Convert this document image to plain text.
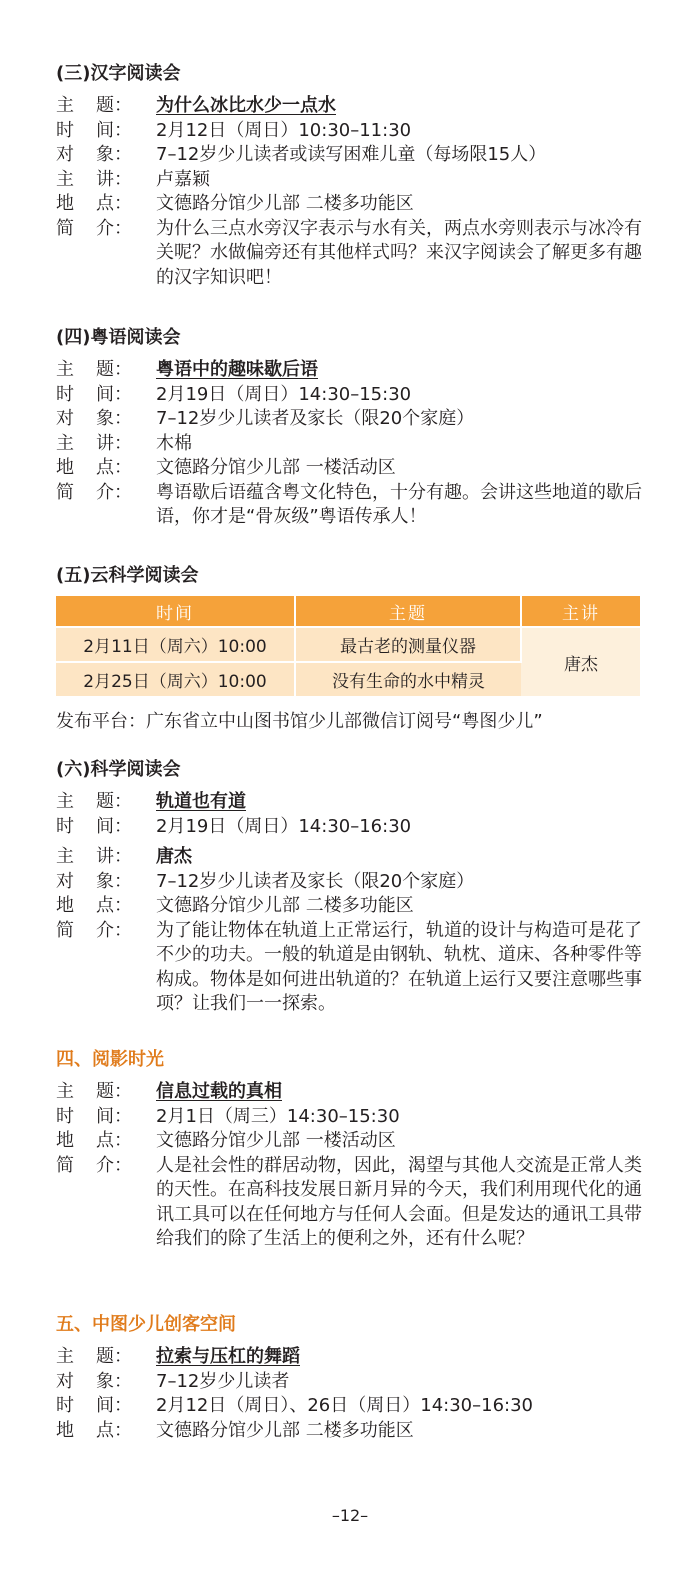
(三)汉字阅读会
主	题：	为什么冰比水少一点水
时	间：	2月12日（周日）10:30–11:30
对	象：	7–12岁少儿读者或读写困难儿童（每场限15人）
主	讲：	卢嘉颖
地	点：	文德路分馆少儿部 二楼多功能区
简	介：	为什么三点水旁汉字表示与水有关，两点水旁则表示与冰冷有关呢？水做偏旁还有其他样式吗？来汉字阅读会了解更多有趣的汉字知识吧！
(四)粤语阅读会
主	题：	粤语中的趣味歇后语
时	间：	2月19日（周日）14:30–15:30
对	象：	7–12岁少儿读者及家长（限20个家庭）
主	讲：	木棉
地	点：	文德路分馆少儿部 一楼活动区
简	介：	粤语歇后语蕴含粤文化特色，十分有趣。会讲这些地道的歇后语，你才是“骨灰级”粤语传承人！
(五)云科学阅读会
时间	主题	主讲
2月11日（周六）10:00	最古老的测量仪器	唐杰
2月25日（周六）10:00	没有生命的水中精灵	
发布平台：广东省立中山图书馆少儿部微信订阅号“粤图少儿”
(六)科学阅读会
主	题：	轨道也有道
时	间：	2月19日（周日）14:30–16:30
主	讲：	唐杰
对	象：	7–12岁少儿读者及家长（限20个家庭）
地	点：	文德路分馆少儿部 二楼多功能区
简	介：	为了能让物体在轨道上正常运行，轨道的设计与构造可是花了不少的功夫。一般的轨道是由钢轨、轨枕、道床、各种零件等构成。物体是如何进出轨道的？在轨道上运行又要注意哪些事项？让我们一一探索。
四、阅影时光
主	题：	信息过载的真相
时	间：	2月1日（周三）14:30–15:30
地	点：	文德路分馆少儿部 一楼活动区
简	介：	人是社会性的群居动物，因此，渴望与其他人交流是正常人类的天性。在高科技发展日新月异的今天，我们利用现代化的通讯工具可以在任何地方与任何人会面。但是发达的通讯工具带给我们的除了生活上的便利之外，还有什么呢？
五、中图少儿创客空间
主	题：	拉索与压杠的舞蹈
对	象：	7–12岁少儿读者
时	间：	2月12日（周日）、26日（周日）14:30–16:30
地	点：	文德路分馆少儿部 二楼多功能区
–12–
